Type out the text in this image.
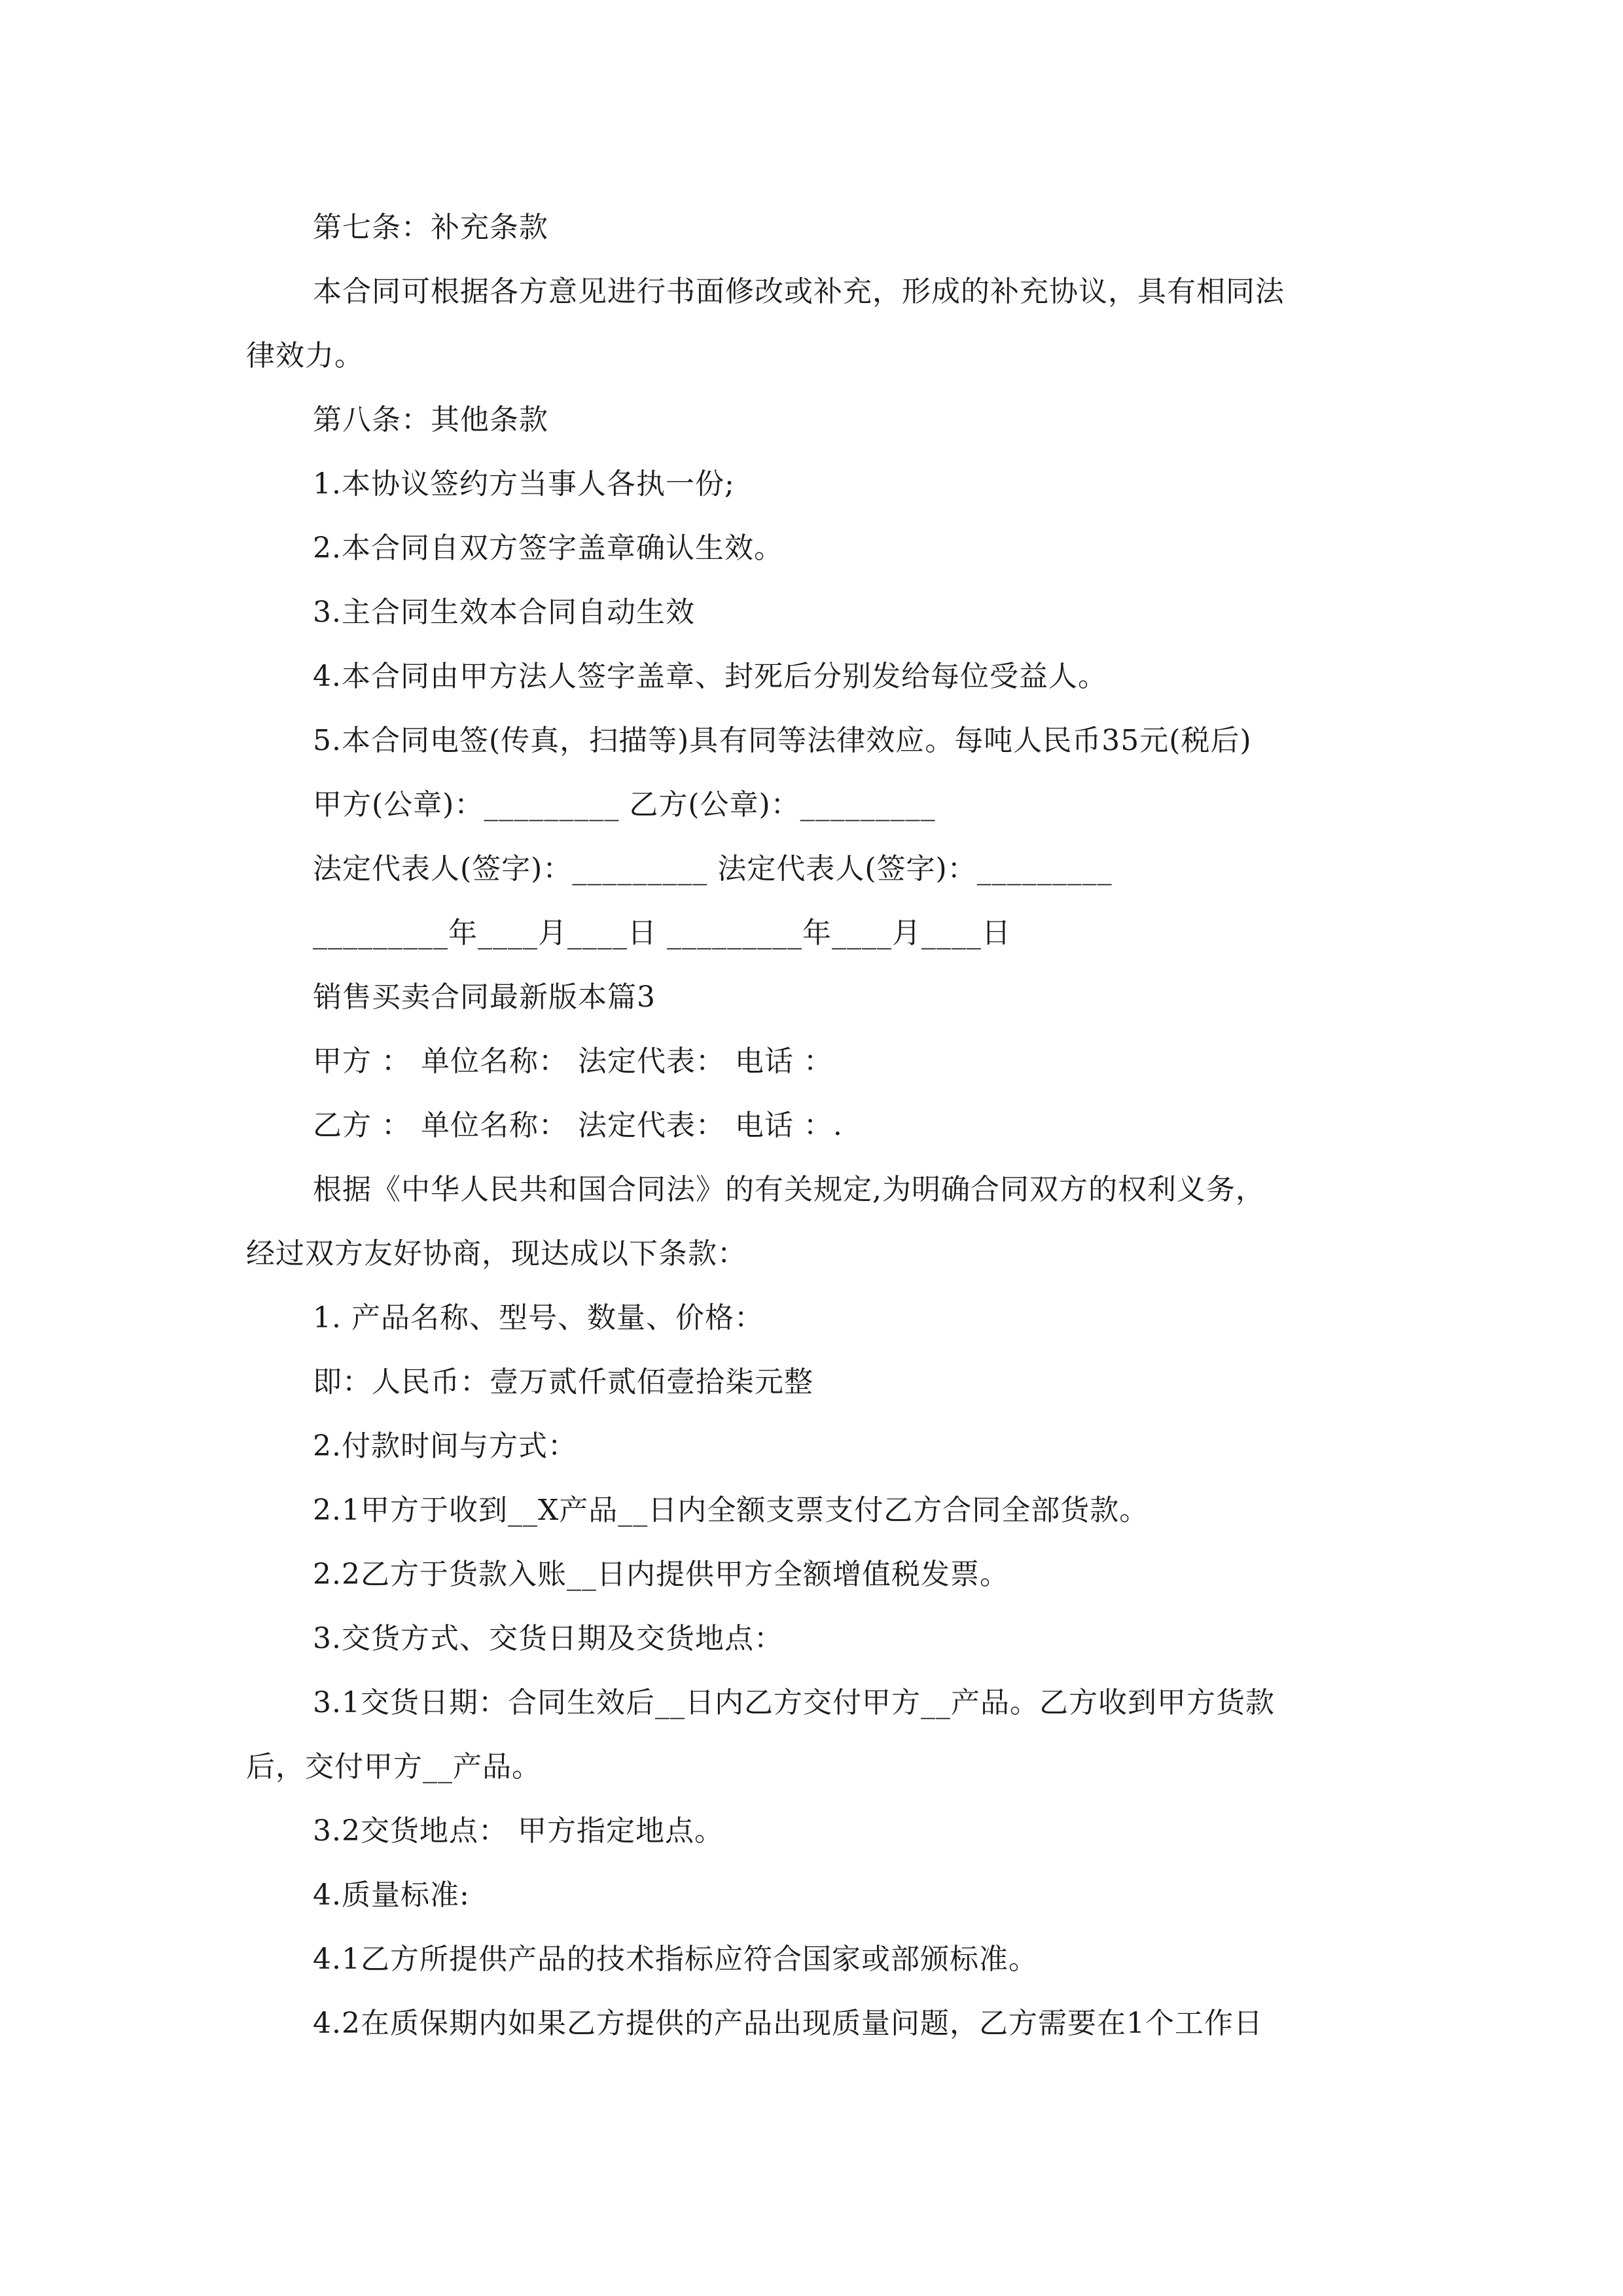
第七条：补充条款
本合同可根据各方意见进行书面修改或补充，形成的补充协议，具有相同法
律效力。
第八条：其他条款
1.本协议签约方当事人各执一份;
2.本合同自双方签字盖章确认生效。
3.主合同生效本合同自动生效
4.本合同由甲方法人签字盖章、封死后分别发给每位受益人。
5.本合同电签(传真，扫描等)具有同等法律效应。每吨人民币35元(税后)
甲方(公章)：_________ 乙方(公章)：_________
法定代表人(签字)：_________ 法定代表人(签字)：_________
_________年____月____日 _________年____月____日
销售买卖合同最新版本篇3
甲方 ： 单位名称： 法定代表： 电话 ：
乙方 ： 单位名称： 法定代表： 电话 ：.
根据《中华人民共和国合同法》的有关规定,为明确合同双方的权利义务，
经过双方友好协商，现达成以下条款：
1. 产品名称、型号、数量、价格：
即：人民币：壹万贰仟贰佰壹拾柒元整
2.付款时间与方式：
2.1甲方于收到__X产品__日内全额支票支付乙方合同全部货款。
2.2乙方于货款入账__日内提供甲方全额增值税发票。
3.交货方式、交货日期及交货地点：
3.1交货日期：合同生效后__日内乙方交付甲方__产品。乙方收到甲方货款
后，交付甲方__产品。
3.2交货地点： 甲方指定地点。
4.质量标准:
4.1乙方所提供产品的技术指标应符合国家或部颁标准。
4.2在质保期内如果乙方提供的产品出现质量问题，乙方需要在1个工作日
